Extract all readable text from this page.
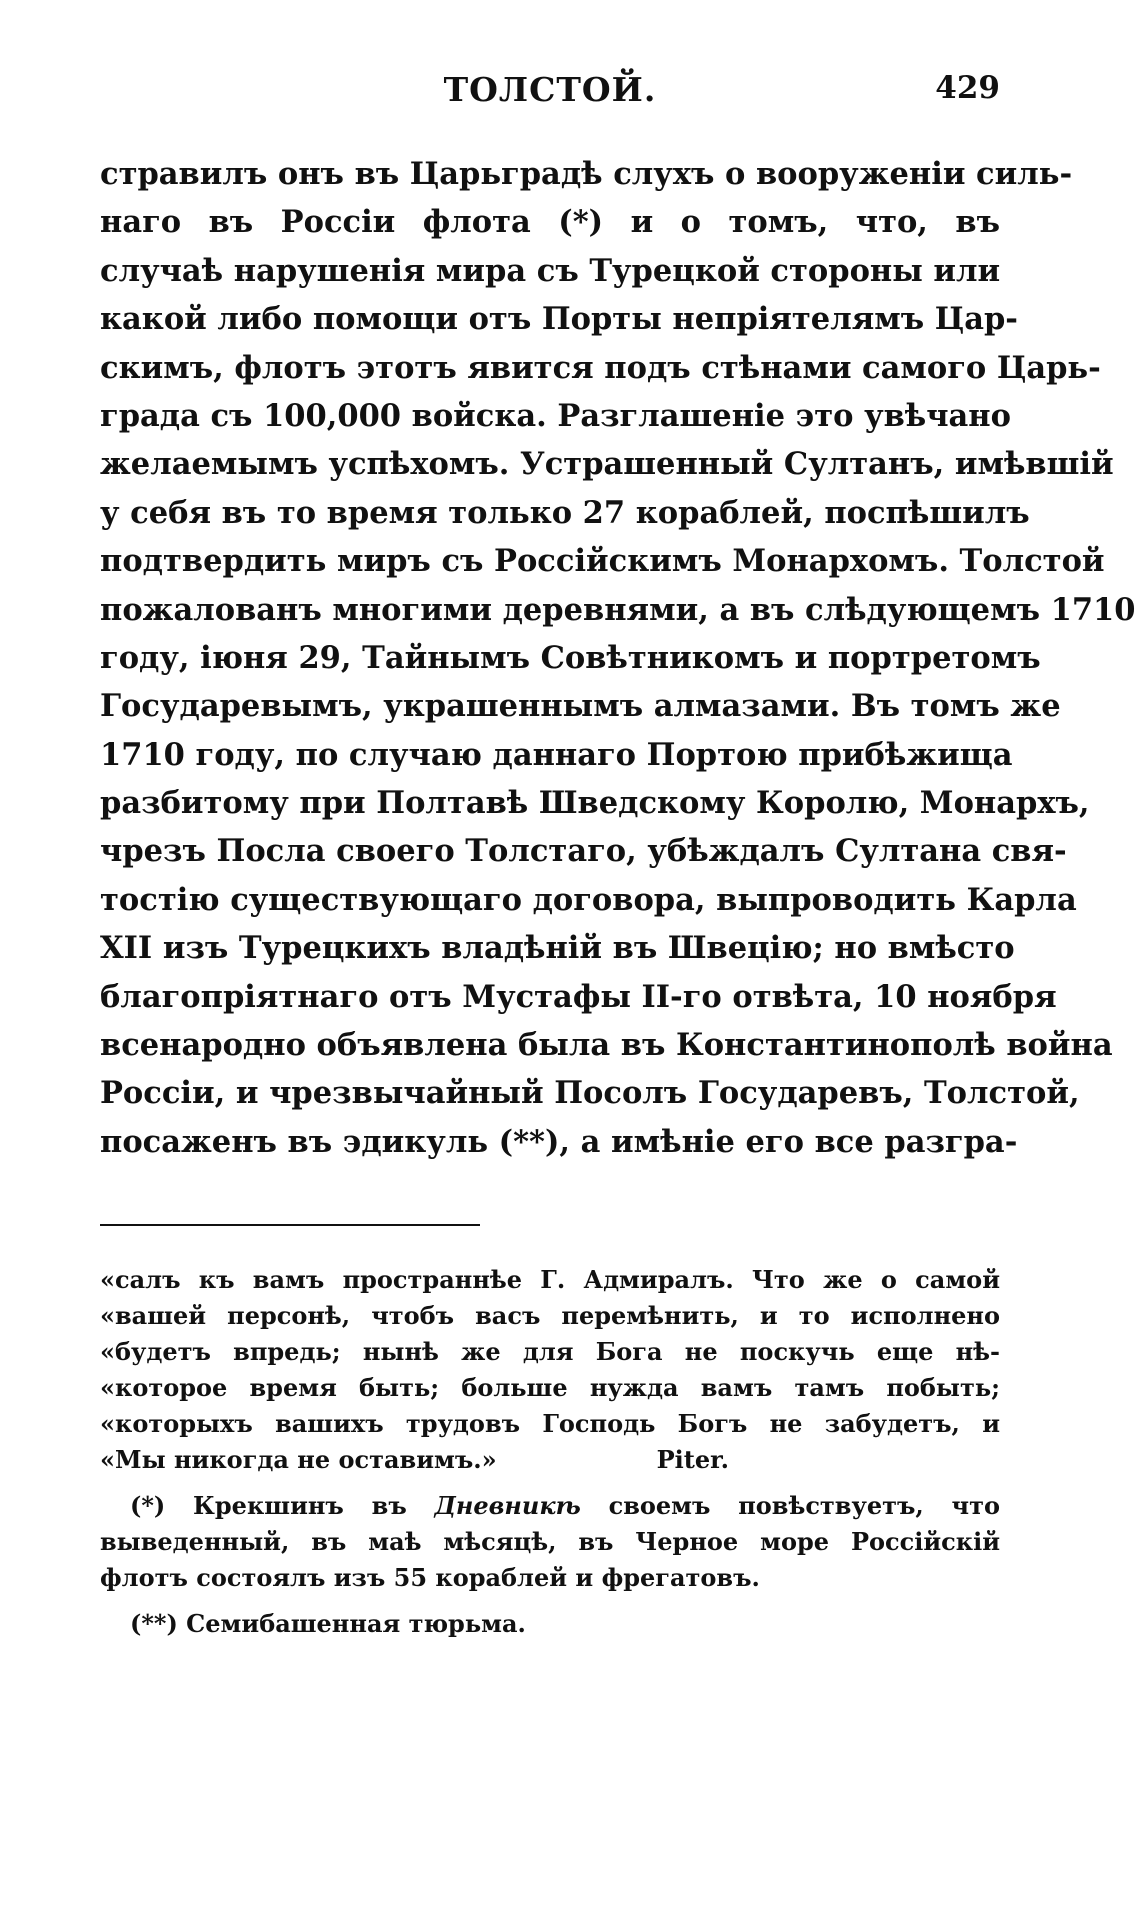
ТОЛСТОЙ.	429
стравилъ онъ въ Царьградѣ слухъ о вооруженіи силь-
наго въ Россіи флота (*) и о томъ, что, въ
случаѣ нарушенія мира съ Турецкой стороны или
какой либо помощи отъ Порты непріятелямъ Цар-
скимъ, флотъ этотъ явится подъ стѣнами самого Царь-
града съ 100,000 войска. Разглашеніе это увѣчано
желаемымъ успѣхомъ. Устрашенный Султанъ, имѣвшій
у себя въ то время только 27 кораблей, поспѣшилъ
подтвердить миръ съ Россійскимъ Монархомъ. Толстой
пожалованъ многими деревнями, а въ слѣдующемъ 1710
году, іюня 29, Тайнымъ Совѣтникомъ и портретомъ
Государевымъ, украшеннымъ алмазами. Въ томъ же
1710 году, по случаю даннаго Портою прибѣжища
разбитому при Полтавѣ Шведскому Королю, Монархъ,
чрезъ Посла своего Толстаго, убѣждалъ Султана свя-
тостію существующаго договора, выпроводить Карла
XII изъ Турецкихъ владѣній въ Швецію; но вмѣсто
благопріятнаго отъ Мустафы II-го отвѣта, 10 ноября
всенародно объявлена была въ Константинополѣ война
Россіи, и чрезвычайный Посолъ Государевъ, Толстой,
посаженъ въ эдикуль (**), а имѣніе его все разгра-
«салъ къ вамъ пространнѣе Г. Адмиралъ. Что же о самой
«вашей персонѣ, чтобъ васъ перемѣнить, и то исполнено
«будетъ впредь; нынѣ же для Бога не поскучь еще нѣ-
«которое время быть; больше нужда вамъ тамъ побыть;
«которыхъ вашихъ трудовъ Господь Богъ не забудетъ, и
«Мы никогда не оставимъ.»	Piter.
(*) Крекшинъ въ Дневникѣ своемъ повѣствуетъ, что
выведенный, въ маѣ мѣсяцѣ, въ Черное море Россійскій
флотъ состоялъ изъ 55 кораблей и фрегатовъ.
(**) Семибашенная тюрьма.
